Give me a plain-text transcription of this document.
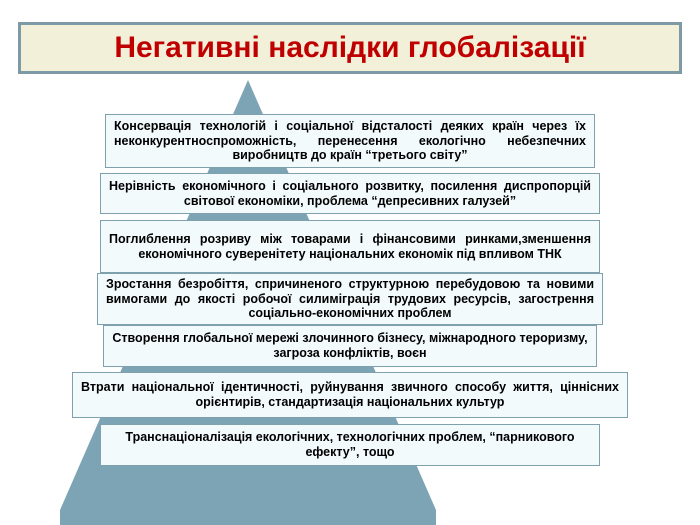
Негативні наслідки глобалізації

Консервація технологій і соціальної відсталості деяких країн через їх неконкурентноспроможність, перенесення екологічно небезпечних виробництв до країн “третього світу”

Нерівність економічного і соціального розвитку, посилення диспропорцій світової економіки, проблема “депресивних галузей”

Поглиблення розриву між товарами і фінансовими ринками,зменшення економічного суверенітету національних економік під впливом ТНК

Зростання безробіття, спричиненого структурною перебудовою та новими вимогами до якості робочої силиміграція трудових ресурсів, загострення соціально-економічних проблем

Створення глобальної мережі злочинного бізнесу, міжнародного тероризму, загроза конфліктів, воєн

Втрати національної ідентичності, руйнування звичного способу життя, ціннісних орієнтирів, стандартизація національних культур

Транснаціоналізація екологічних, технологічних проблем, “парникового ефекту”, тощо
